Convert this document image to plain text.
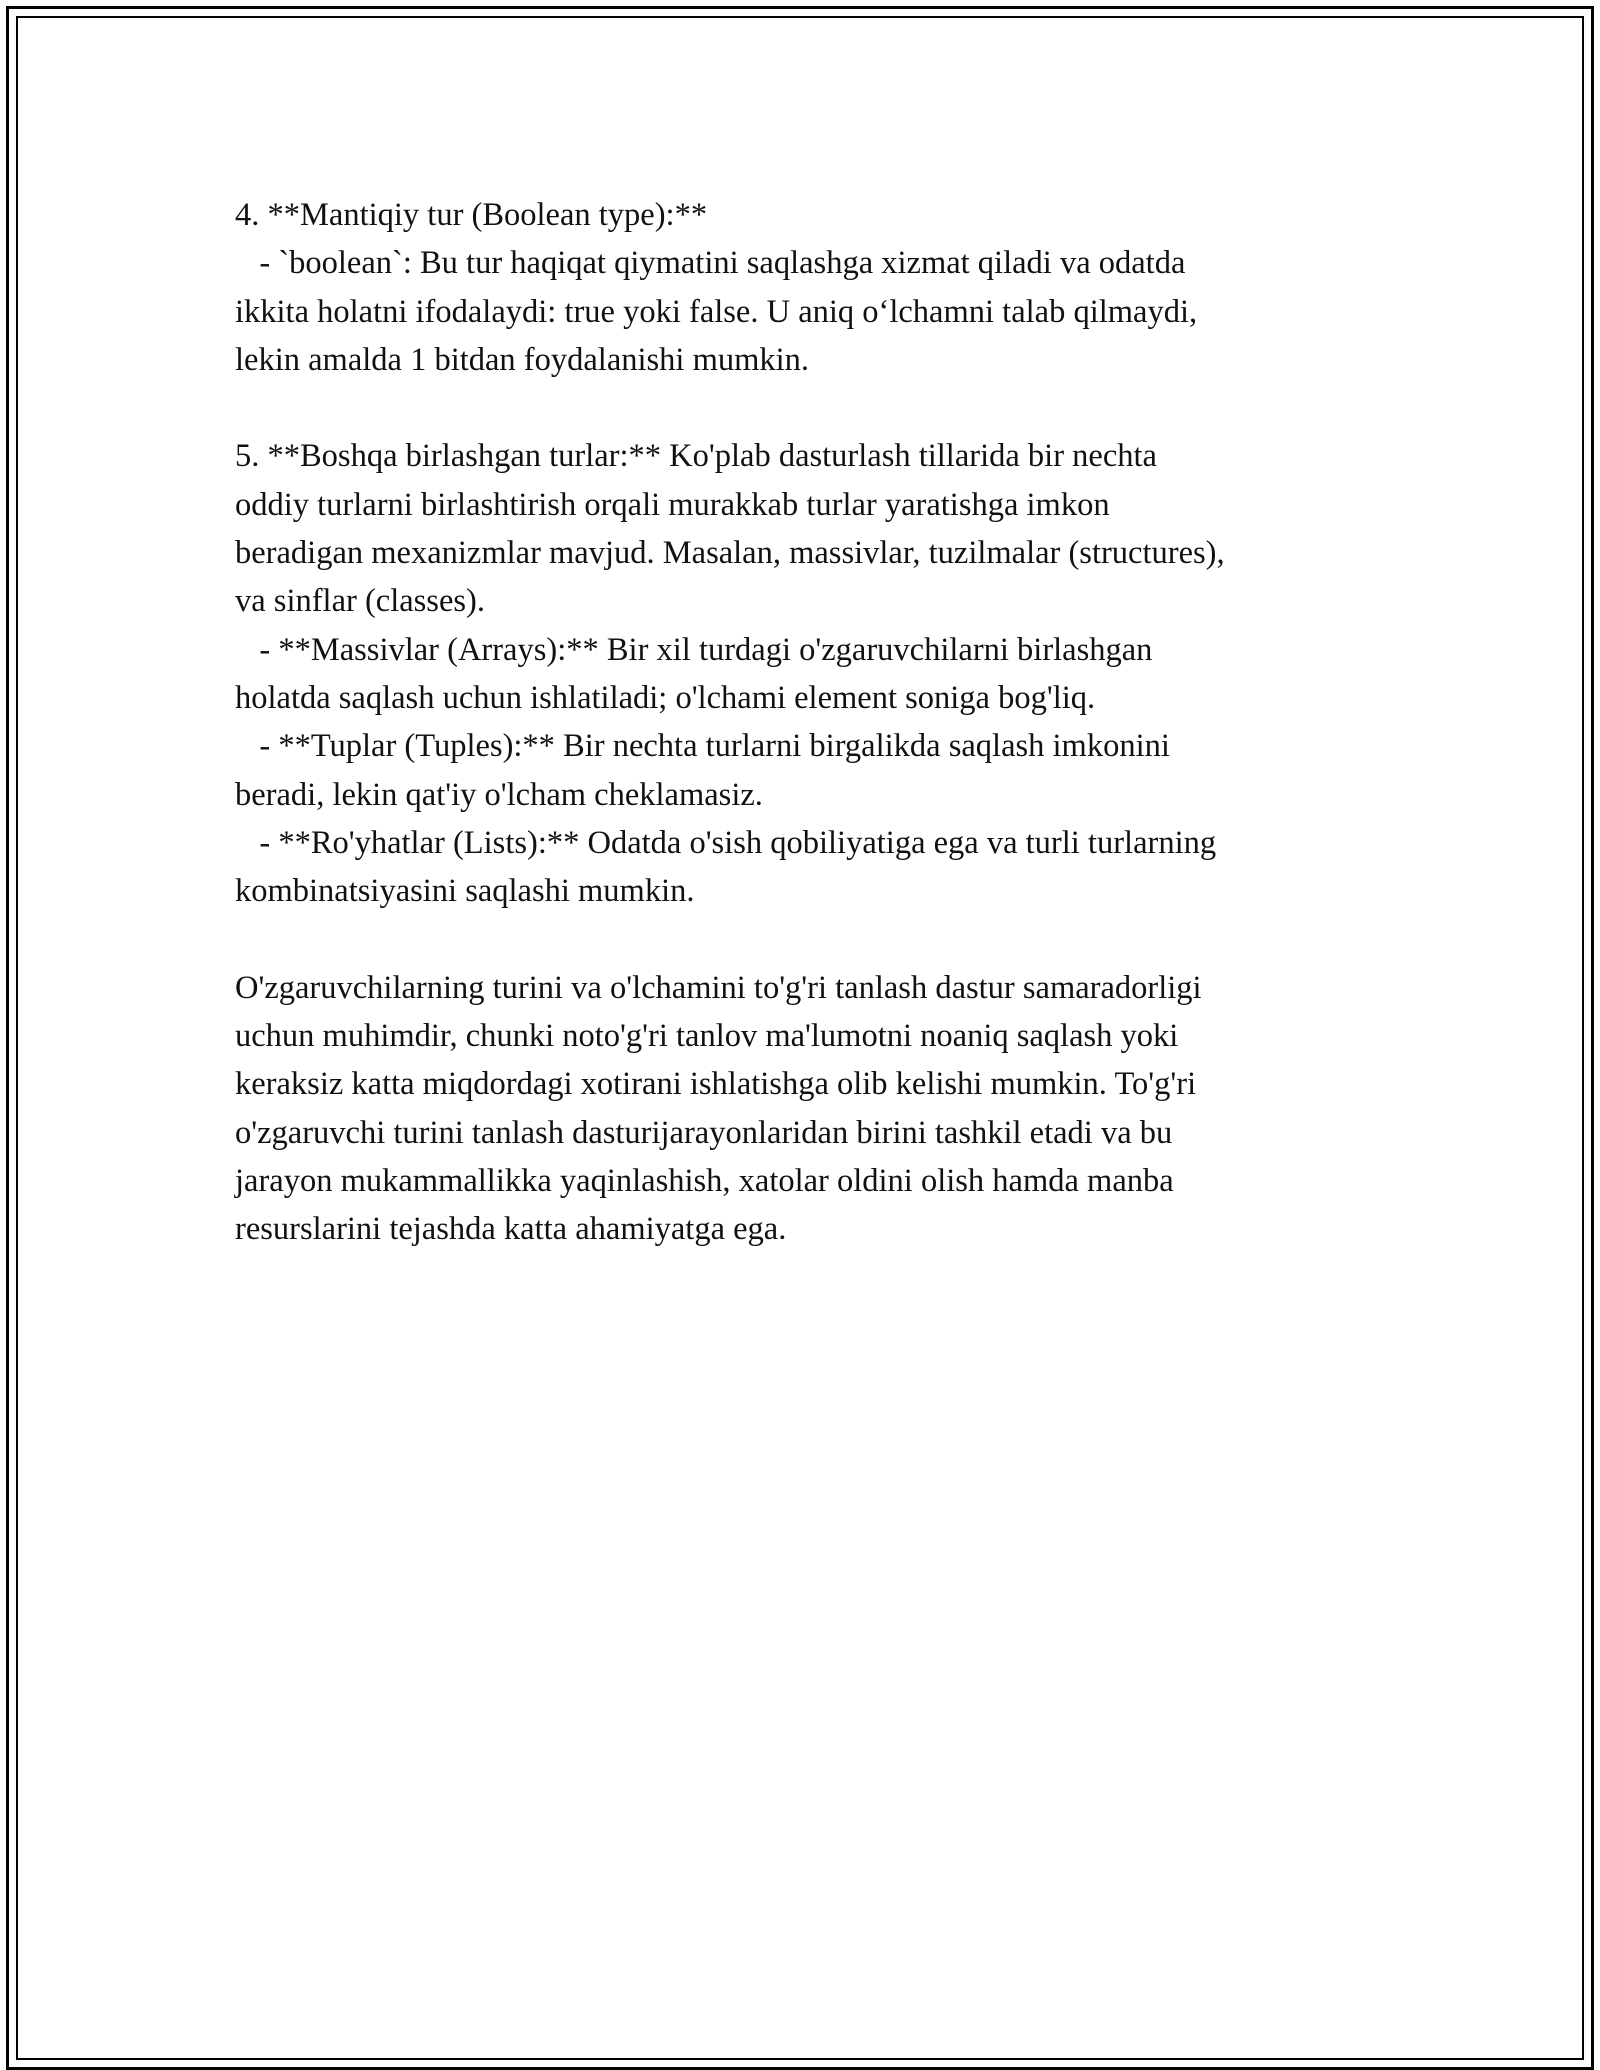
4. **Mantiqiy tur (Boolean type):**
- `boolean`: Bu tur haqiqat qiymatini saqlashga xizmat qiladi va odatda
ikkita holatni ifodalaydi: true yoki false. U aniq o‘lchamni talab qilmaydi,
lekin amalda 1 bitdan foydalanishi mumkin.
5. **Boshqa birlashgan turlar:** Ko'plab dasturlash tillarida bir nechta
oddiy turlarni birlashtirish orqali murakkab turlar yaratishga imkon
beradigan mexanizmlar mavjud. Masalan, massivlar, tuzilmalar (structures),
va sinflar (classes).
- **Massivlar (Arrays):** Bir xil turdagi o'zgaruvchilarni birlashgan
holatda saqlash uchun ishlatiladi; o'lchami element soniga bog'liq.
- **Tuplar (Tuples):** Bir nechta turlarni birgalikda saqlash imkonini
beradi, lekin qat'iy o'lcham cheklamasiz.
- **Ro'yhatlar (Lists):** Odatda o'sish qobiliyatiga ega va turli turlarning
kombinatsiyasini saqlashi mumkin.
O'zgaruvchilarning turini va o'lchamini to'g'ri tanlash dastur samaradorligi
uchun muhimdir, chunki noto'g'ri tanlov ma'lumotni noaniq saqlash yoki
keraksiz katta miqdordagi xotirani ishlatishga olib kelishi mumkin. To'g'ri
o'zgaruvchi turini tanlash dasturijarayonlaridan birini tashkil etadi va bu
jarayon mukammallikka yaqinlashish, xatolar oldini olish hamda manba
resurslarini tejashda katta ahamiyatga ega.
